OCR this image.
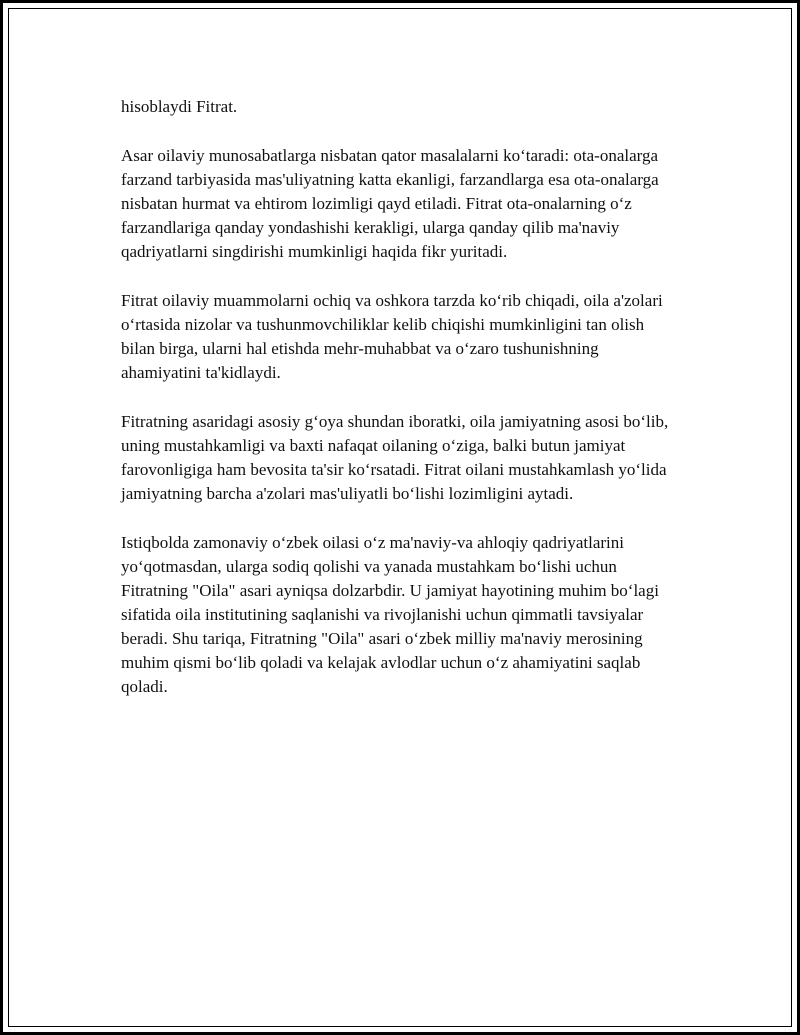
hisoblaydi Fitrat.

Asar oilaviy munosabatlarga nisbatan qator masalalarni koʻtaradi: ota-onalarga farzand tarbiyasida mas'uliyatning katta ekanligi, farzandlarga esa ota-onalarga nisbatan hurmat va ehtirom lozimligi qayd etiladi. Fitrat ota-onalarning oʻz farzandlariga qanday yondashishi kerakligi, ularga qanday qilib ma'naviy qadriyatlarni singdirishi mumkinligi haqida fikr yuritadi.

Fitrat oilaviy muammolarni ochiq va oshkora tarzda koʻrib chiqadi, oila a'zolari oʻrtasida nizolar va tushunmovchiliklar kelib chiqishi mumkinligini tan olish bilan birga, ularni hal etishda mehr-muhabbat va oʻzaro tushunishning ahamiyatini ta'kidlaydi.

Fitratning asaridagi asosiy gʻoya shundan iboratki, oila jamiyatning asosi boʻlib, uning mustahkamligi va baxti nafaqat oilaning oʻziga, balki butun jamiyat farovonligiga ham bevosita ta'sir koʻrsatadi. Fitrat oilani mustahkamlash yoʻlida jamiyatning barcha a'zolari mas'uliyatli boʻlishi lozimligini aytadi.

Istiqbolda zamonaviy oʻzbek oilasi oʻz ma'naviy-va ahloqiy qadriyatlarini yoʻqotmasdan, ularga sodiq qolishi va yanada mustahkam boʻlishi uchun Fitratning "Oila" asari ayniqsa dolzarbdir. U jamiyat hayotining muhim boʻlagi sifatida oila institutining saqlanishi va rivojlanishi uchun qimmatli tavsiyalar beradi. Shu tariqa, Fitratning "Oila" asari oʻzbek milliy ma'naviy merosining muhim qismi boʻlib qoladi va kelajak avlodlar uchun oʻz ahamiyatini saqlab qoladi.
